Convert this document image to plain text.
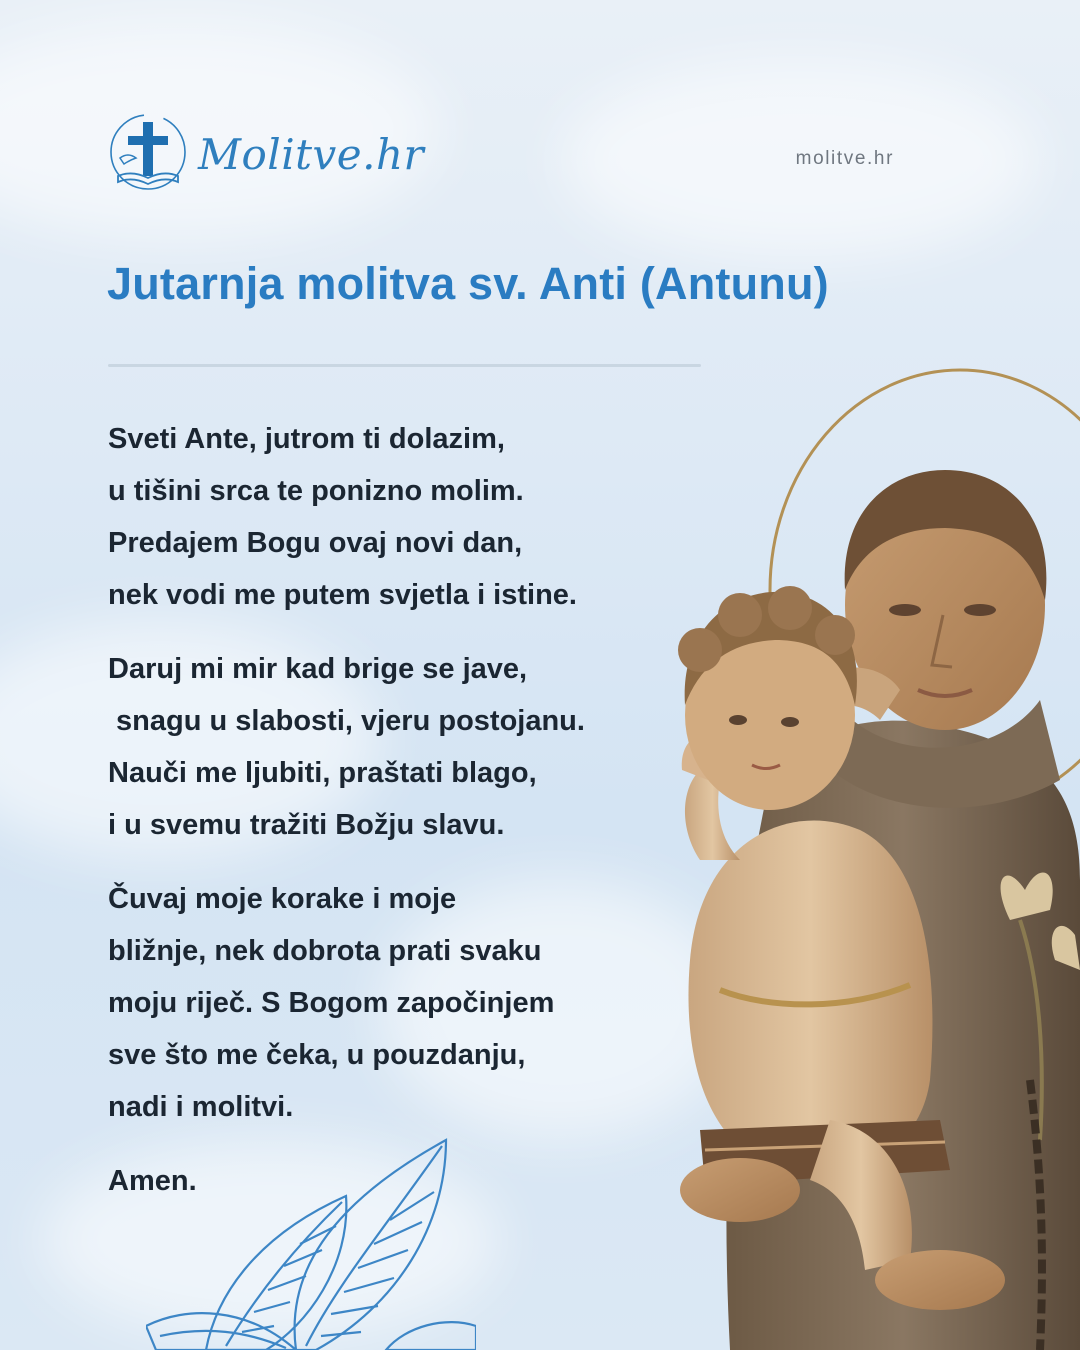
Molitve.hr	molitve.hr
Jutarnja molitva sv. Anti (Antunu)

Sveti Ante, jutrom ti dolazim,
u tišini srca te ponizno molim.
Predajem Bogu ovaj novi dan,
nek vodi me putem svjetla i istine.

Daruj mi mir kad brige se jave,
snagu u slabosti, vjeru postojanu.
Nauči me ljubiti, praštati blago,
i u svemu tražiti Božju slavu.

Čuvaj moje korake i moje
bližnje, nek dobrota prati svaku
moju riječ. S Bogom započinjem
sve što me čeka, u pouzdanju,
nadi i molitvi.

Amen.
